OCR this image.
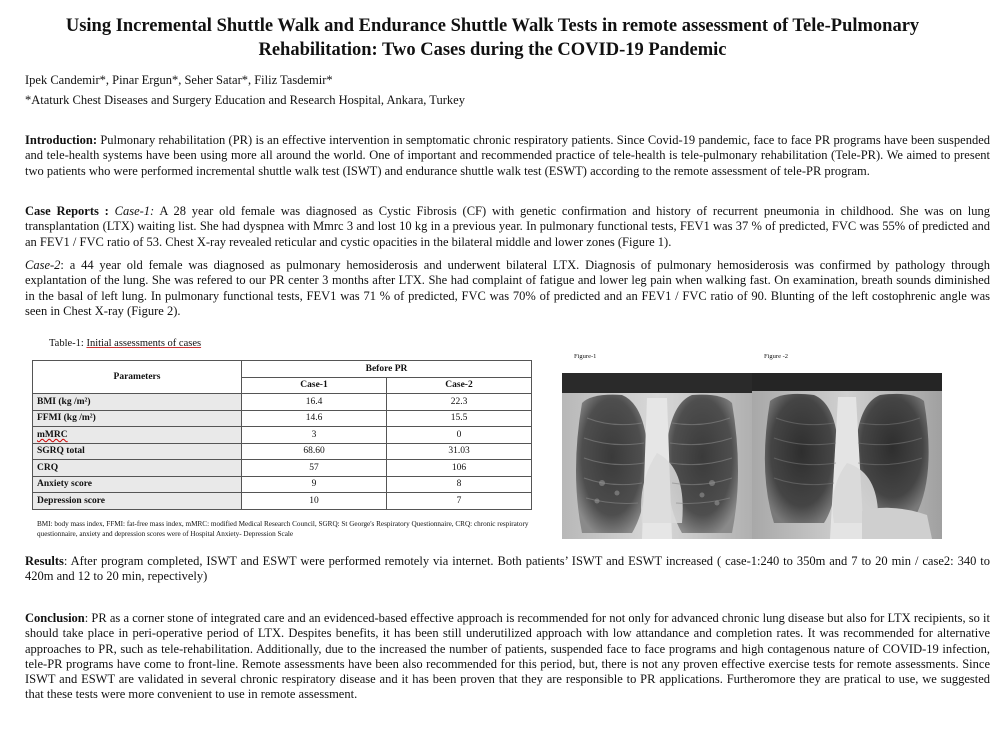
Using Incremental Shuttle Walk and Endurance Shuttle Walk Tests in remote assessment of Tele-Pulmonary Rehabilitation: Two Cases during the COVID-19 Pandemic
Ipek Candemir*, Pinar Ergun*, Seher Satar*, Filiz Tasdemir*
*Ataturk Chest Diseases and Surgery Education and Research Hospital, Ankara, Turkey
Introduction: Pulmonary rehabilitation (PR) is an effective intervention in semptomatic chronic respiratory patients. Since Covid-19 pandemic, face to face PR programs have been suspended and tele-health systems have been using more all around the world. One of important and recommended practice of tele-health is tele-pulmonary rehabilitation (Tele-PR). We aimed to present two patients who were performed incremental shuttle walk test (ISWT) and endurance shuttle walk test (ESWT) according to the remote assessment of tele-PR program.
Case Reports : Case-1: A 28 year old female was diagnosed as Cystic Fibrosis (CF) with genetic confirmation and history of recurrent pneumonia in childhood. She was on lung transplantation (LTX) waiting list. She had dyspnea with Mmrc 3 and lost 10 kg in a previous year. In pulmonary functional tests, FEV1 was 37 % of predicted, FVC was 55% of predicted and an FEV1 / FVC ratio of 53. Chest X-ray revealed reticular and cystic opacities in the bilateral middle and lower zones (Figure 1).
Case-2: a 44 year old female was diagnosed as pulmonary hemosiderosis and underwent bilateral LTX. Diagnosis of pulmonary hemosiderosis was confirmed by pathology through explantation of the lung. She was refered to our PR center 3 months after LTX. She had complaint of fatigue and lower leg pain when walking fast. On examination, breath sounds diminished in the basal of left lung. In pulmonary functional tests, FEV1 was 71 % of predicted, FVC was 70% of predicted and an FEV1 / FVC ratio of 90. Blunting of the left costophrenic angle was seen in Chest X-ray (Figure 2).
Table-1: Initial assessments of cases
Parameters	Before PR	
	Case-1	Case-2
BMI (kg /m²)	16.4	22.3
FFMI (kg /m²)	14.6	15.5
mMRC	3	0
SGRQ total	68.60	31.03
CRQ	57	106
Anxiety score	9	8
Depression score	10	7
BMI: body mass index, FFMI: fat-free mass index, mMRC: modified Medical Research Council, SGRQ: St George's Respiratory Questionnaire, CRQ: chronic respiratory questionnaire, anxiety and depression scores were of Hospital Anxiety- Depression Scale
Figure-1	Figure -2
Results: After program completed, ISWT and ESWT were performed remotely via internet. Both patients’ ISWT and ESWT increased ( case-1:240 to 350m and 7 to 20 min / case2: 340 to 420m and 12 to 20 min, repectively)
Conclusion: PR as a corner stone of integrated care and an evidenced-based effective approach is recommended for not only for advanced chronic lung disease but also for LTX recipients, so it should take place in peri-operative period of LTX. Despites benefits, it has been still underutilized approach with low attandance and completion rates. It was recommended for alternative approaches to PR, such as tele-rehabilitation. Additionally, due to the increased the number of patients, suspended face to face programs and high contagenous nature of COVID-19 infection, tele-PR programs have come to front-line. Remote assessments have been also recommended for this period, but, there is not any proven effective exercise tests for remote assessments. Since ISWT and ESWT are validated in several chronic respiratory disease and it has been proven that they are responsible to PR applications. Furtheromore they are pratical to use, we suggested that these tests were more convenient to use in remote assessment.
